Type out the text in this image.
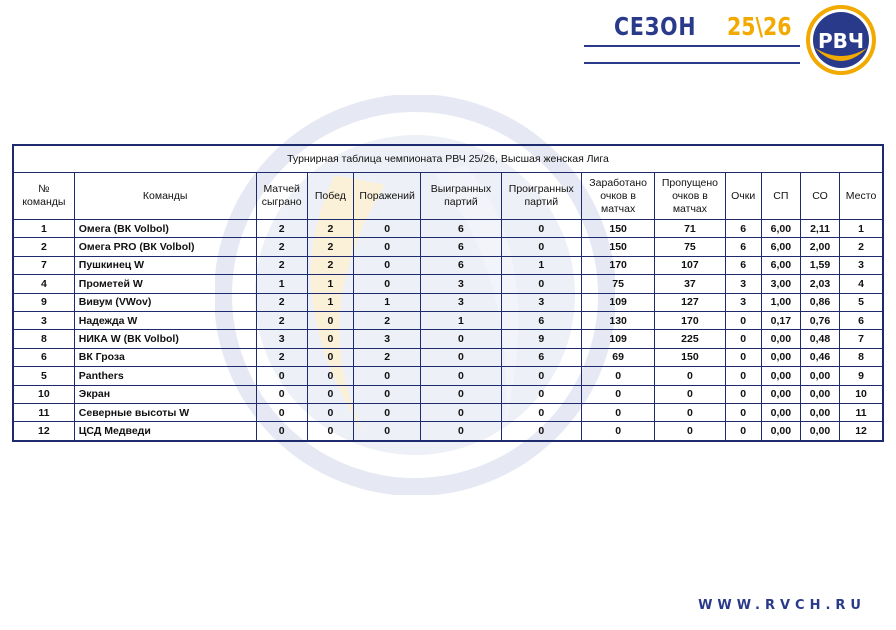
СЕЗОН 25\26 РВЧ
Турнирная таблица чемпионата РВЧ 25/26, Высшая женская Лига												
№ команды	Команды	Матчей сыграно	Побед	Поражений	Выигранных партий	Проигранных партий	Заработано очков в матчах	Пропущено очков в матчах	Очки	СП	СО	Место
1	Омега (ВК Volbol)	2	2	0	6	0	150	71	6	6,00	2,11	1
2	Омега PRO (ВК Volbol)	2	2	0	6	0	150	75	6	6,00	2,00	2
7	Пушкинец W	2	2	0	6	1	170	107	6	6,00	1,59	3
4	Прометей W	1	1	0	3	0	75	37	3	3,00	2,03	4
9	Вивум (VWov)	2	1	1	3	3	109	127	3	1,00	0,86	5
3	Надежда W	2	0	2	1	6	130	170	0	0,17	0,76	6
8	НИКА W (ВК Volbol)	3	0	3	0	9	109	225	0	0,00	0,48	7
6	ВК Гроза	2	0	2	0	6	69	150	0	0,00	0,46	8
5	Panthers	0	0	0	0	0	0	0	0	0,00	0,00	9
10	Экран	0	0	0	0	0	0	0	0	0,00	0,00	10
11	Северные высоты W	0	0	0	0	0	0	0	0	0,00	0,00	11
12	ЦСД Медведи	0	0	0	0	0	0	0	0	0,00	0,00	12
WWW.RVCH.RU
